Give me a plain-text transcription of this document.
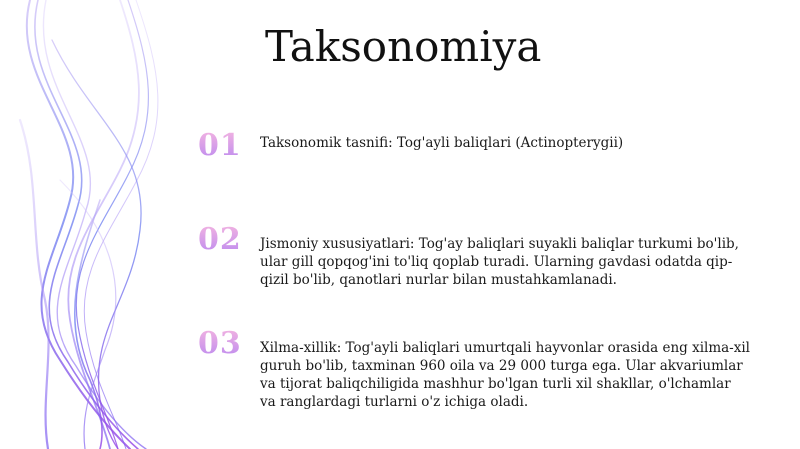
Taksonomiya
01 Taksonomik tasnifi: Tog'ayli baliqlari (Actinopterygii)

02 Jismoniy xususiyatlari: Tog'ay baliqlari suyakli baliqlar turkumi bo'lib, ular gill qopqog'ini to'liq qoplab turadi. Ularning gavdasi odatda qip-qizil bo'lib, qanotlari nurlar bilan mustahkamlanadi.

03 Xilma-xillik: Tog'ayli baliqlari umurtqali hayvonlar orasida eng xilma-xil guruh bo'lib, taxminan 960 oila va 29 000 turga ega. Ular akvariumlar va tijorat baliqchiligida mashhur bo'lgan turli xil shakllar, o'lchamlar va ranglardagi turlarni o'z ichiga oladi.
